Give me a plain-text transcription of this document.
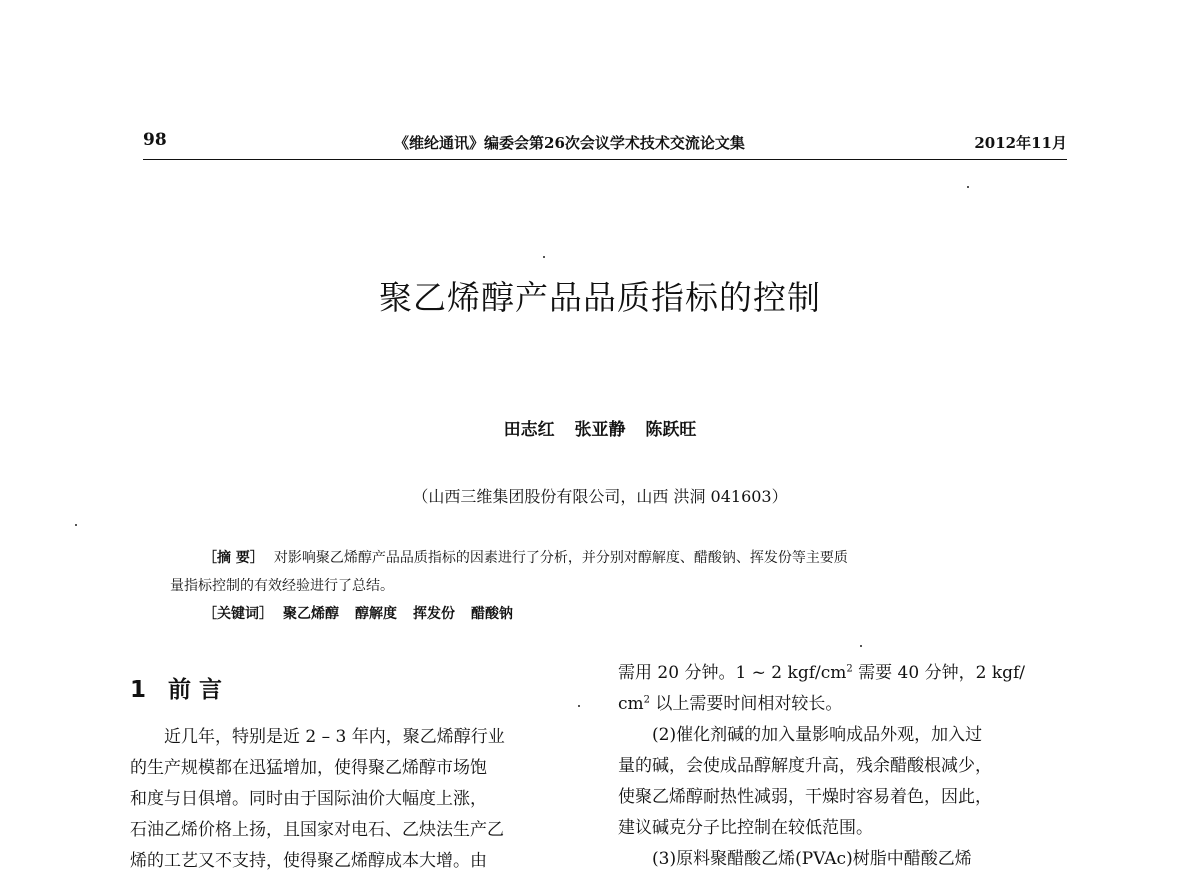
98	《维纶通讯》编委会第26次会议学术技术交流论文集	2012年11月
聚乙烯醇产品品质指标的控制
田志红 张亚静 陈跃旺
（山西三维集团股份有限公司，山西 洪洞 041603）
［摘 要］ 对影响聚乙烯醇产品品质指标的因素进行了分析，并分别对醇解度、醋酸钠、挥发份等主要质
量指标控制的有效经验进行了总结。
［关键词］ 聚乙烯醇 醇解度 挥发份 醋酸钠
1 前 言
近几年，特别是近 2 – 3 年内，聚乙烯醇行业
的生产规模都在迅猛增加，使得聚乙烯醇市场饱
和度与日俱增。同时由于国际油价大幅度上涨，
石油乙烯价格上扬，且国家对电石、乙炔法生产乙
烯的工艺又不支持，使得聚乙烯醇成本大增。由
需用 20 分钟。1 ~ 2 kgf/$cm^2$ 需要 40 分钟，2 kgf/
$cm^2$ 以上需要时间相对较长。
(2)催化剂碱的加入量影响成品外观，加入过
量的碱，会使成品醇解度升高，残余醋酸根减少，
使聚乙烯醇耐热性减弱，干燥时容易着色，因此，
建议碱克分子比控制在较低范围。
(3)原料聚醋酸乙烯(PVAc)树脂中醋酸乙烯
